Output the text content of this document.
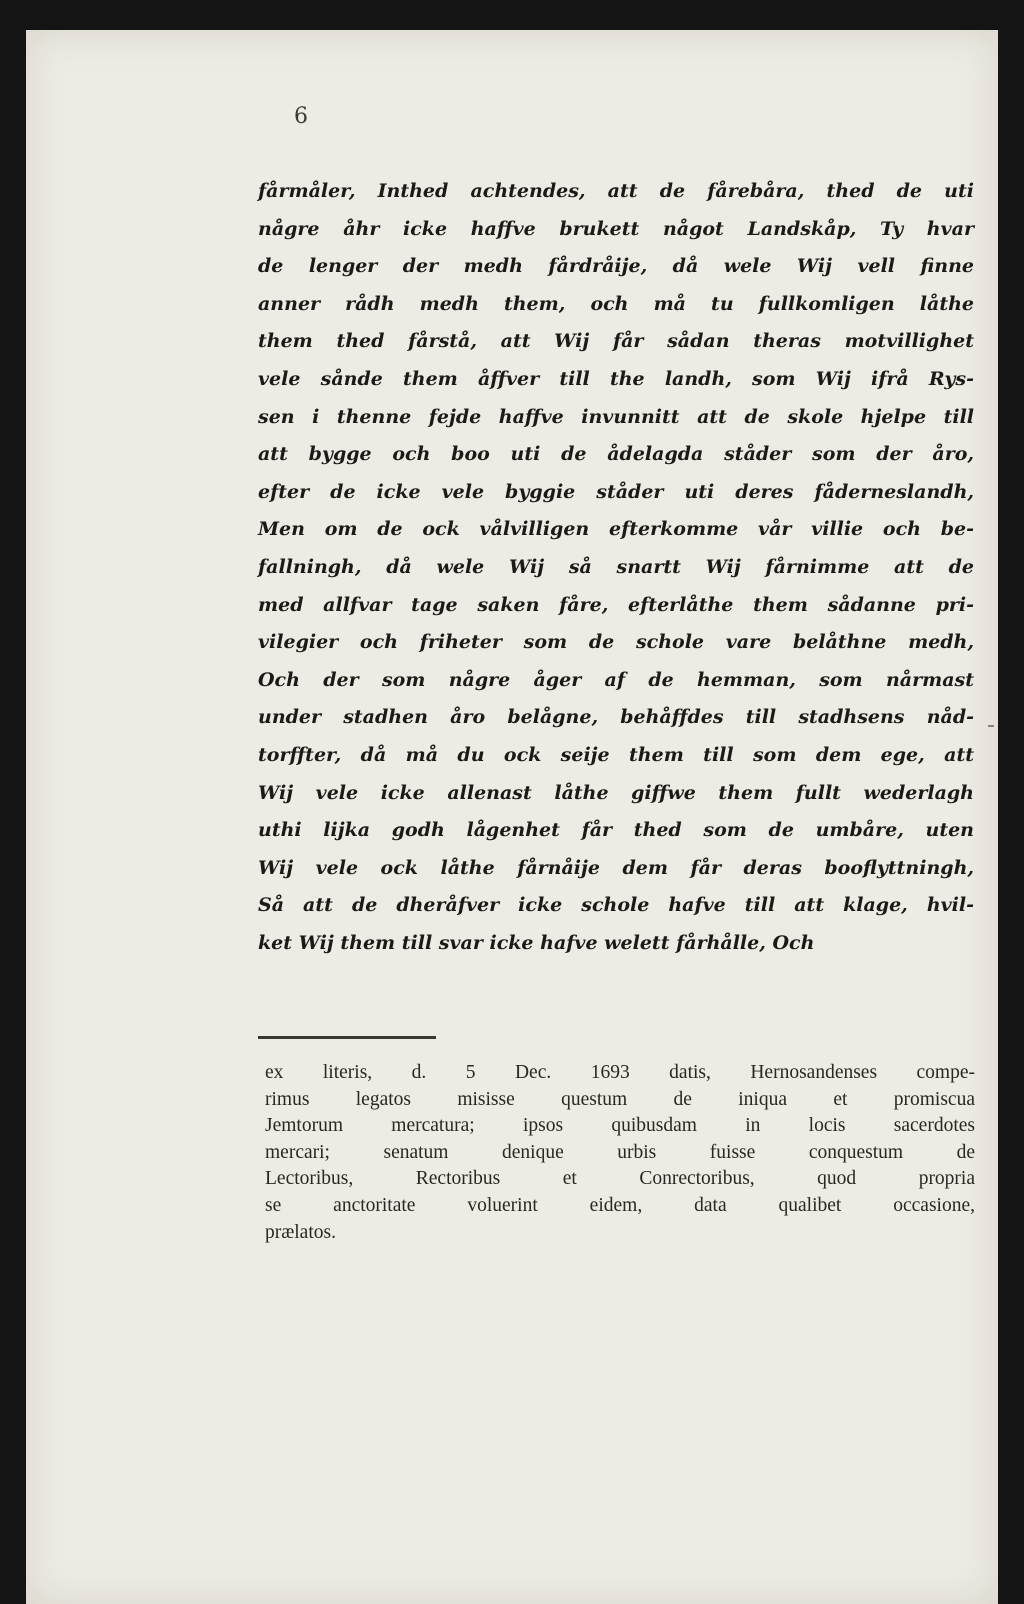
6

fårmåler, Inthed achtendes, att de fårebåra, thed de uti
någre åhr icke haffve brukett något Landskåp, Ty hvar
de lenger der medh fårdråije, då wele Wij vell finne
anner rådh medh them, och må tu fullkomligen låthe
them thed fårstå, att Wij får sådan theras motvillighet
vele sånde them åffver till the landh, som Wij ifrå Rys-
sen i thenne fejde haffve invunnitt att de skole hjelpe till
att bygge och boo uti de ådelagda ståder som der åro,
efter de icke vele byggie ståder uti deres fåderneslandh,
Men om de ock vålvilligen efterkomme vår villie och be-
fallningh, då wele Wij så snartt Wij fårnimme att de
med allfvar tage saken fåre, efterlåthe them sådanne pri-
vilegier och friheter som de schole vare belåthne medh,
Och der som någre åger af de hemman, som nårmast
under stadhen åro belågne, behåffdes till stadhsens nåd-
torffter, då må du ock seije them till som dem ege, att
Wij vele icke allenast låthe giffwe them fullt wederlagh
uthi lijka godh lågenhet får thed som de umbåre, uten
Wij vele ock låthe fårnåije dem får deras booflyttningh,
Så att de dheråfver icke schole hafve till att klage, hvil-
ket Wij them till svar icke hafve welett fårhålle, Och

ex literis, d. 5 Dec. 1693 datis, Hernosandenses compe-
rimus legatos misisse questum de iniqua et promiscua
Jemtorum mercatura; ipsos quibusdam in locis sacerdotes
mercari; senatum denique urbis fuisse conquestum de
Lectoribus, Rectoribus et Conrectoribus, quod propria
se anctoritate voluerint eidem, data qualibet occasione,
prælatos.
